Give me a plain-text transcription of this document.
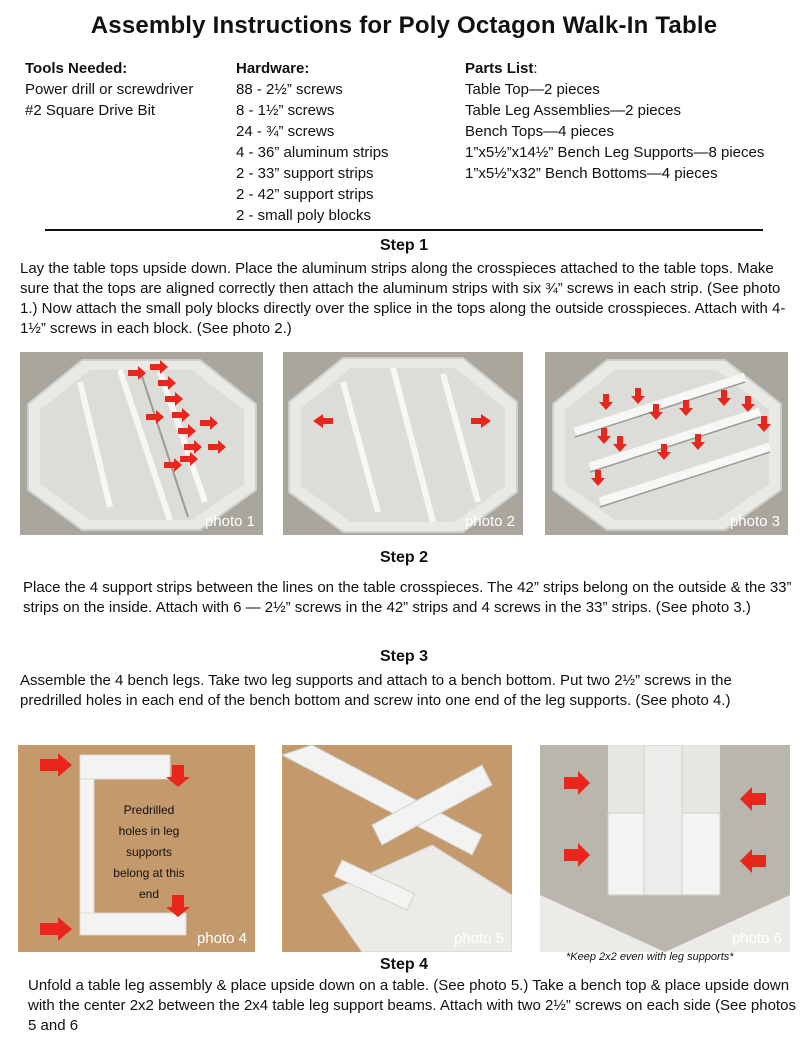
Assembly Instructions for Poly Octagon Walk-In Table
Tools Needed:
Power drill or screwdriver
#2 Square Drive Bit
Hardware:
88 - 2½” screws
8 - 1½” screws
24 - ¾” screws
4 - 36” aluminum strips
2 - 33” support strips
2 - 42” support strips
2 - small poly blocks
Parts List:
Table Top—2 pieces
Table Leg Assemblies—2 pieces
Bench Tops—4 pieces
1”x5½”x14½” Bench Leg Supports—8 pieces
1”x5½”x32” Bench Bottoms—4 pieces
Step 1
Lay the table tops upside down. Place the aluminum strips along the crosspieces attached to the table tops. Make sure that the tops are aligned correctly then attach the aluminum strips with six ¾” screws in each strip. (See photo 1.) Now attach the small poly blocks directly over the splice in the tops along the outside crosspieces. Attach with 4- 1½” screws in each block. (See photo 2.)
photo 1	photo 2	photo 3
Step 2
Place the 4 support strips between the lines on the table crosspieces. The 42” strips belong on the outside & the 33” strips on the inside. Attach with 6 — 2½” screws in the 42” strips and 4 screws in the 33” strips. (See photo 3.)
Step 3
Assemble the 4 bench legs. Take two leg supports and attach to a bench bottom. Put two 2½” screws in the predrilled holes in each end of the bench bottom and screw into one end of the leg supports. (See photo 4.)
photo 4
Predrilled holes in leg supports belong at this end
photo 5	photo 6
*Keep 2x2 even with leg supports*
Step 4
Unfold a table leg assembly & place upside down on a table. (See photo 5.) Take a bench top & place upside down with the center 2x2 between the 2x4 table leg support beams. Attach with two 2½” screws on each side (See photos 5 and 6
